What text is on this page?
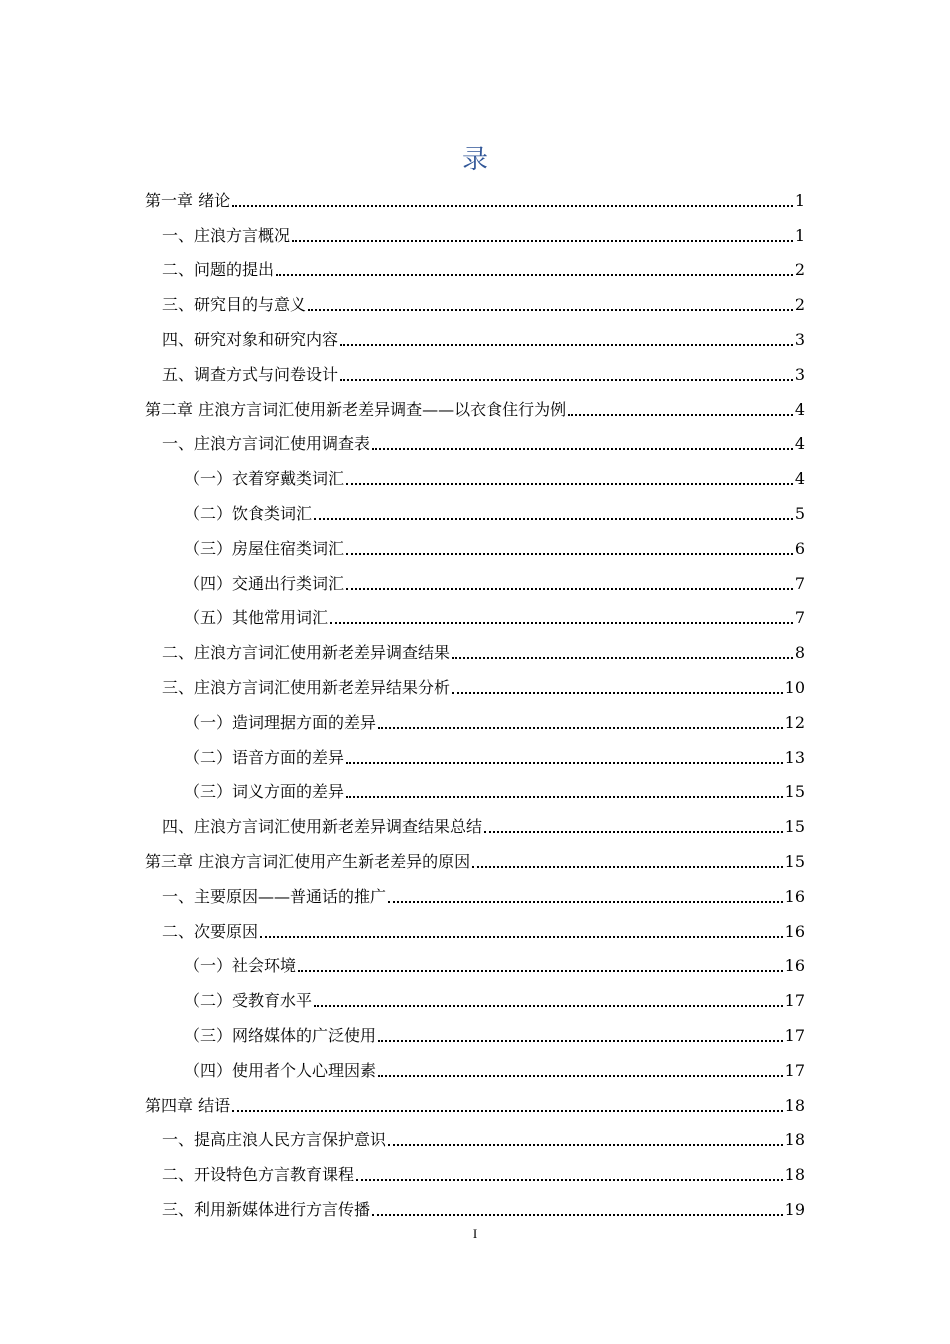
录
第一章 绪论	1
一、庄浪方言概况	1
二、问题的提出	2
三、研究目的与意义	2
四、研究对象和研究内容	3
五、调查方式与问卷设计	3
第二章 庄浪方言词汇使用新老差异调查——以衣食住行为例	4
一、庄浪方言词汇使用调查表	4
（一）衣着穿戴类词汇	4
（二）饮食类词汇	5
（三）房屋住宿类词汇	6
（四）交通出行类词汇	7
（五）其他常用词汇	7
二、庄浪方言词汇使用新老差异调查结果	8
三、庄浪方言词汇使用新老差异结果分析	10
（一）造词理据方面的差异	12
（二）语音方面的差异	13
（三）词义方面的差异	15
四、庄浪方言词汇使用新老差异调查结果总结	15
第三章 庄浪方言词汇使用产生新老差异的原因	15
一、主要原因——普通话的推广	16
二、次要原因	16
（一）社会环境	16
（二）受教育水平	17
（三）网络媒体的广泛使用	17
（四）使用者个人心理因素	17
第四章 结语	18
一、提高庄浪人民方言保护意识	18
二、开设特色方言教育课程	18
三、利用新媒体进行方言传播	19
I
